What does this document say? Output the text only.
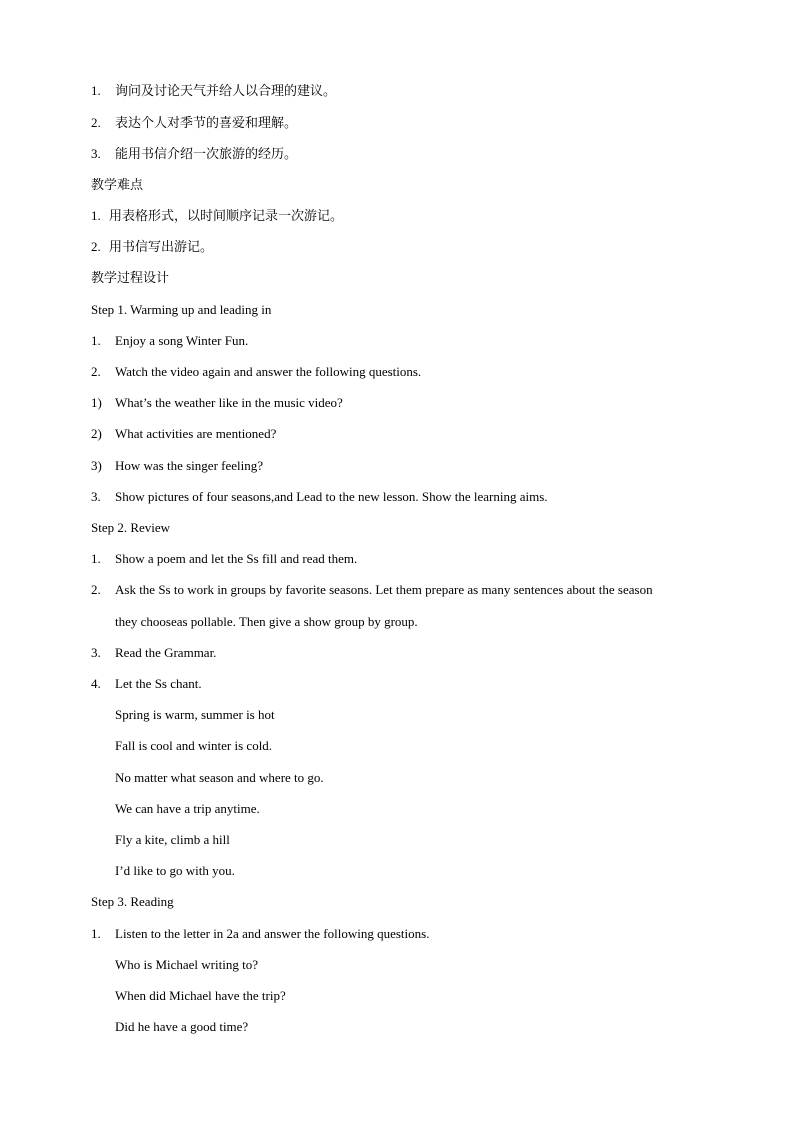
1. 询问及讨论天气并给人以合理的建议。
2. 表达个人对季节的喜爱和理解。
3. 能用书信介绍一次旅游的经历。
教学难点
1. 用表格形式，以时间顺序记录一次游记。
2. 用书信写出游记。
教学过程设计
Step 1. Warming up and leading in
1. Enjoy a song Winter Fun.
2. Watch the video again and answer the following questions.
1) What’s the weather like in the music video?
2) What activities are mentioned?
3) How was the singer feeling?
3. Show pictures of four seasons,and Lead to the new lesson. Show the learning aims.
Step 2. Review
1. Show a poem and let the Ss fill and read them.
2. Ask the Ss to work in groups by favorite seasons. Let them prepare as many sentences about the season
they chooseas pollable. Then give a show group by group.
3. Read the Grammar.
4. Let the Ss chant.
Spring is warm, summer is hot
Fall is cool and winter is cold.
No matter what season and where to go.
We can have a trip anytime.
Fly a kite, climb a hill
I’d like to go with you.
Step 3. Reading
1. Listen to the letter in 2a and answer the following questions.
Who is Michael writing to?
When did Michael have the trip?
Did he have a good time?
